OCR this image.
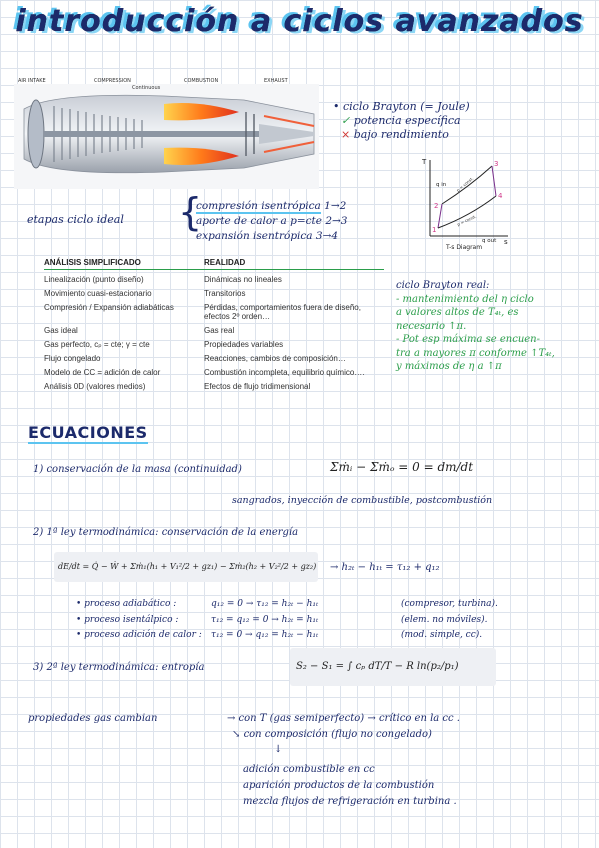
introducción a ciclos avanzados
AIR INTAKE	COMPRESSION
Continuous
COMBUSTION	EXHAUST
• ciclo Brayton (= Joule)
✓ potencia específica
× bajo rendimiento
T
s
1
2
3
4
q in
q out
p = const.
p = const.
T-s Diagram
etapas ciclo ideal {
compresión isentrópica 1→2
aporte de calor a p=cte 2→3
expansión isentrópica 3→4
ANÁLISIS SIMPLIFICADO	REALIDAD
Linealización (punto diseño)	Dinámicas no lineales
Movimiento cuasi-estacionario	Transitorios
Compresión / Expansión adiabáticas	Pérdidas, comportamientos fuera de diseño, efectos 2º orden…
Gas ideal	Gas real
Gas perfecto, cₚ = cte; γ = cte	Propiedades variables
Flujo congelado	Reacciones, cambios de composición…
Modelo de CC = adición de calor	Combustión incompleta, equilibrio químico….
Análisis 0D (valores medios)	Efectos de flujo tridimensional
ciclo Brayton real:
- mantenimiento del η ciclo
a valores altos de T₄ₜ, es
necesario ↑π.
- Pot esp máxima se encuen-
tra a mayores π conforme ↑T₄ₜ,
y máximos de η a ↑π
ECUACIONES
1) conservación de la masa (continuidad)	Σṁᵢ − Σṁₒ = 0 = dm/dt
sangrados, inyección de combustible, postcombustión
2) 1ª ley termodinámica: conservación de la energía
dE/dt = Q̇ − Ẇ + Σṁ₁(h₁ + V₁²/2 + gz₁) − Σṁ₂(h₂ + V₂²/2 + gz₂) → h₂ₜ − h₁ₜ = τ₁₂ + q₁₂
• proceso adiabático :	q₁₂ = 0 → τ₁₂ = h₂ₜ − h₁ₜ	(compresor, turbina).
• proceso isentálpico :	τ₁₂ = q₁₂ = 0 → h₂ₜ = h₁ₜ	(elem. no móviles).
• proceso adición de calor : τ₁₂ = 0 → q₁₂ = h₂ₜ − h₁ₜ	(mod. simple, cc).
3) 2ª ley termodinámica: entropía	S₂ − S₁ = ∫ cₚ dT/T − R ln(p₂/p₁)
propiedades gas cambian	→ con T (gas semiperfecto) → crítico en la cc .
↘ con composición (flujo no congelado)
↓
adición combustible en cc
aparición productos de la combustión
mezcla flujos de refrigeración en turbina .
